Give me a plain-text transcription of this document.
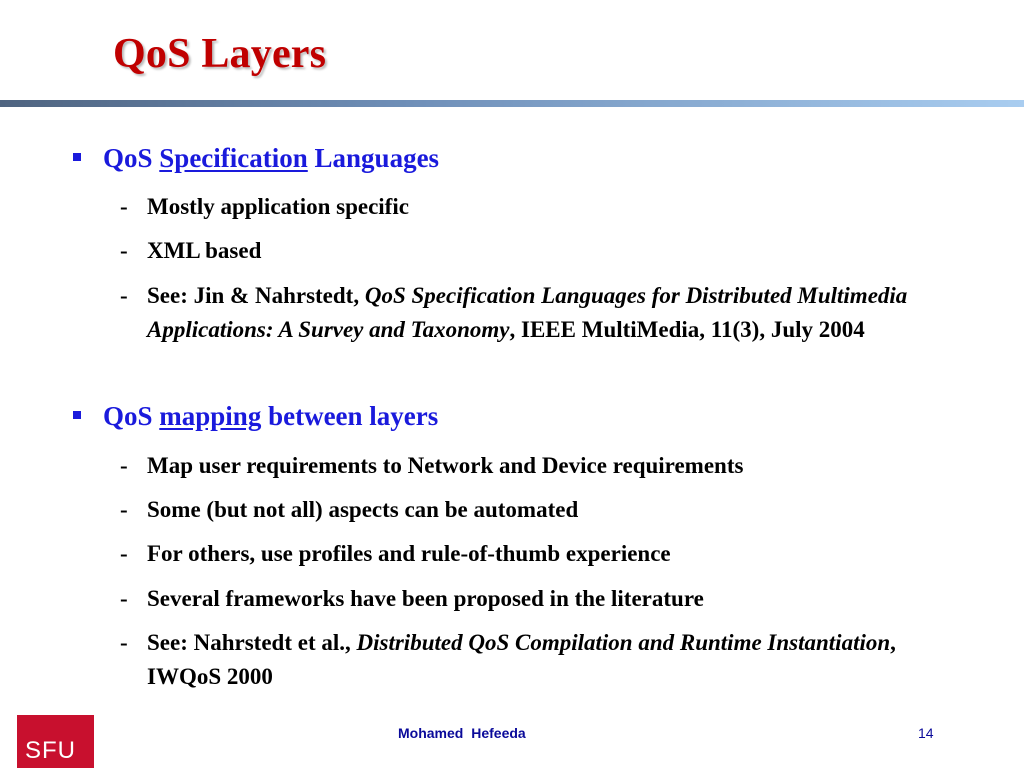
QoS Layers
QoS Specification Languages
- Mostly application specific
- XML based
- See: Jin & Nahrstedt, QoS Specification Languages for Distributed Multimedia Applications: A Survey and Taxonomy, IEEE MultiMedia, 11(3), July 2004
QoS mapping between layers
- Map user requirements to Network and Device requirements
- Some (but not all) aspects can be automated
- For others, use profiles and rule-of-thumb experience
- Several frameworks have been proposed in the literature
- See: Nahrstedt et al., Distributed QoS Compilation and Runtime Instantiation, IWQoS 2000
SFU
Mohamed Hefeeda	14
